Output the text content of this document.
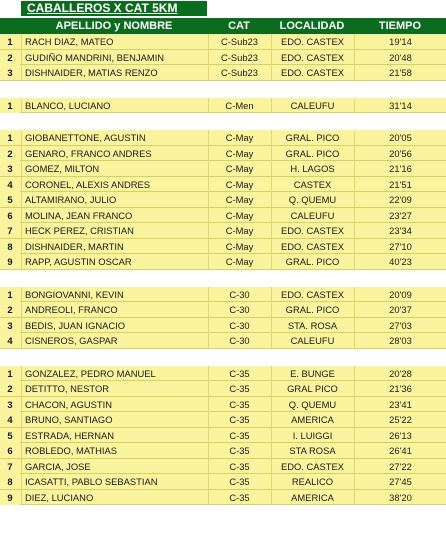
CABALLEROS X CAT 5KM
APELLIDO y NOMBRE	CAT	LOCALIDAD	TIEMPO
1	RACH DIAZ, MATEO	C-Sub23	EDO. CASTEX	19'14
2	GUDIÑO MANDRINI, BENJAMIN	C-Sub23	EDO. CASTEX	20'48
3	DISHNAIDER, MATIAS RENZO	C-Sub23	EDO. CASTEX	21'58
1	BLANCO, LUCIANO	C-Men	CALEUFU	31'14
1	GIOBANETTONE, AGUSTIN	C-May	GRAL. PICO	20'05
2	GENARO, FRANCO ANDRES	C-May	GRAL. PICO	20'56
3	GOMEZ, MILTON	C-May	H. LAGOS	21'16
4	CORONEL, ALEXIS ANDRES	C-May	CASTEX	21'51
5	ALTAMIRANO, JULIO	C-May	Q. QUEMU	22'09
6	MOLINA, JEAN FRANCO	C-May	CALEUFU	23'27
7	HECK PEREZ, CRISTIAN	C-May	EDO. CASTEX	23'34
8	DISHNAIDER, MARTIN	C-May	EDO. CASTEX	27'10
9	RAPP, AGUSTIN OSCAR	C-May	GRAL. PICO	40'23
1	BONGIOVANNI, KEVIN	C-30	EDO. CASTEX	20'09
2	ANDREOLI, FRANCO	C-30	GRAL. PICO	20'37
3	BEDIS, JUAN IGNACIO	C-30	STA. ROSA	27'03
4	CISNEROS, GASPAR	C-30	CALEUFU	28'03
1	GONZALEZ, PEDRO MANUEL	C-35	E. BUNGE	20'28
2	DETITTO, NESTOR	C-35	GRAL PICO	21'36
3	CHACON, AGUSTIN	C-35	Q. QUEMU	23'41
4	BRUNO, SANTIAGO	C-35	AMERICA	25'22
5	ESTRADA, HERNAN	C-35	I. LUIGGI	26'13
6	ROBLEDO, MATHIAS	C-35	STA ROSA	26'41
7	GARCIA, JOSE	C-35	EDO. CASTEX	27'22
8	ICASATTI, PABLO SEBASTIAN	C-35	REALICO	27'45
9	DIEZ, LUCIANO	C-35	AMERICA	38'20
